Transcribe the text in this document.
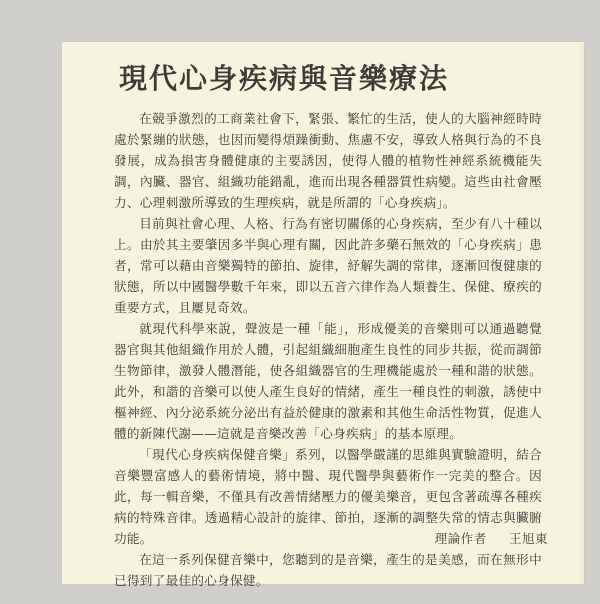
現代心身疾病與音樂療法

在競爭激烈的工商業社會下，緊張、繁忙的生活，使人的大腦神經時時處於緊繃的狀態，也因而變得煩躁衝動、焦慮不安，導致人格與行為的不良發展，成為損害身體健康的主要誘因，使得人體的植物性神經系統機能失調，內臟、器官、組織功能錯亂，進而出現各種器質性病變。這些由社會壓力、心理刺激所導致的生理疾病，就是所謂的「心身疾病」。

目前與社會心理、人格、行為有密切關係的心身疾病，至少有八十種以上。由於其主要肇因多半與心理有關，因此許多藥石無效的「心身疾病」患者，常可以藉由音樂獨特的節拍、旋律，紓解失調的常律，逐漸回復健康的狀態，所以中國醫學數千年來，即以五音六律作為人類養生、保健、療疾的重要方式，且屢見奇效。

就現代科學來說，聲波是一種「能」，形成優美的音樂則可以通過聽覺器官與其他組織作用於人體，引起組織細胞產生良性的同步共振，從而調節生物節律，激發人體潛能，使各組織器官的生理機能處於一種和諧的狀態。此外，和諧的音樂可以使人產生良好的情緒，產生一種良性的刺激，誘使中樞神經、內分泌系統分泌出有益於健康的激素和其他生命活性物質，促進人體的新陳代謝——這就是音樂改善「心身疾病」的基本原理。

「現代心身疾病保健音樂」系列，以醫學嚴謹的思維與實驗證明，結合音樂豐富感人的藝術情境，將中醫、現代醫學與藝術作一完美的整合。因此，每一輯音樂，不僅具有改善情緒壓力的優美樂音，更包含著疏導各種疾病的特殊音律。透過精心設計的旋律、節拍，逐漸的調整失常的情志與臟腑功能。

在這一系列保健音樂中，您聽到的是音樂，產生的是美感，而在無形中已得到了最佳的心身保健。

理論作者 王旭東
